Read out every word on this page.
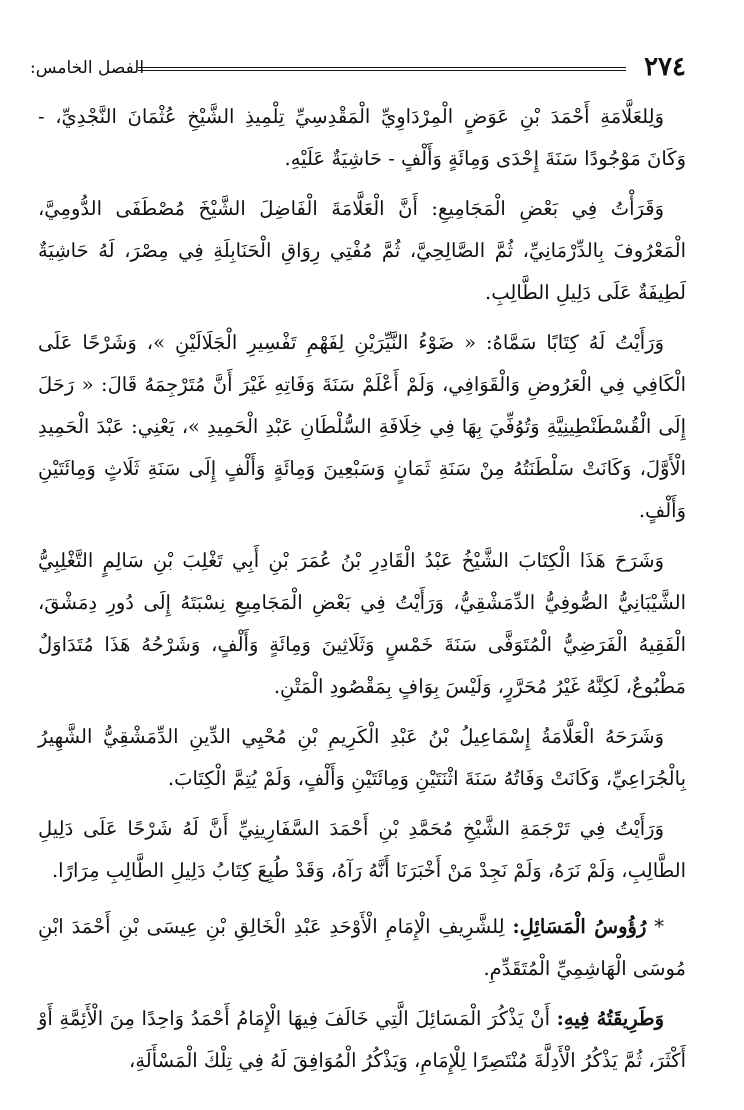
٢٧٤
الفصل الخامس:

وَلِلعَلَّامَةِ أَحْمَدَ بْنِ عَوَضٍ الْمِرْدَاوِيِّ الْمَقْدِسِيِّ تِلْمِيذِ الشَّيْخِ عُثْمَانَ النَّجْدِيِّ، - وَكَانَ مَوْجُودًا سَنَةَ إِحْدَى وَمِائَةٍ وَأَلْفٍ - حَاشِيَةٌ عَلَيْهِ.

وَقَرَأْتُ فِي بَعْضِ الْمَجَامِيعِ: أَنَّ الْعَلَّامَةَ الْفَاضِلَ الشَّيْخَ مُصْطَفَى الدُّومِيَّ، الْمَعْرُوفَ بِالدِّرْمَانِيِّ، ثُمَّ الصَّالِحِيَّ، ثُمَّ مُفْتِي رِوَاقِ الْحَنَابِلَةِ فِي مِصْرَ، لَهُ حَاشِيَةٌ لَطِيفَةٌ عَلَى دَلِيلِ الطَّالِبِ.

وَرَأَيْتُ لَهُ كِتَابًا سَمَّاهُ: « ضَوْءُ النَّيِّرَيْنِ لِفَهْمِ تَفْسِيرِ الْجَلَالَيْنِ »، وَشَرْحًا عَلَى الْكَافِي فِي الْعَرُوضِ وَالْقَوَافِي، وَلَمْ أَعْلَمْ سَنَةَ وَفَاتِهِ غَيْرَ أَنَّ مُتَرْجِمَهُ قَالَ: « رَحَلَ إِلَى الْقُسْطَنْطِينِيَّةِ وَتُوُفِّيَ بِهَا فِي خِلَافَةِ السُّلْطَانِ عَبْدِ الْحَمِيدِ »، يَعْنِي: عَبْدَ الْحَمِيدِ الْأَوَّلَ، وَكَانَتْ سَلْطَنَتُهُ مِنْ سَنَةِ ثَمَانٍ وَسَبْعِينَ وَمِائَةٍ وَأَلْفٍ إِلَى سَنَةِ ثَلَاثٍ وَمِائَتَيْنِ وَأَلْفٍ.

وَشَرَحَ هَذَا الْكِتَابَ الشَّيْخُ عَبْدُ الْقَادِرِ بْنُ عُمَرَ بْنِ أَبِي تَغْلِبَ بْنِ سَالِمٍ التَّغْلِبِيُّ الشَّيْبَانِيُّ الصُّوفِيُّ الدِّمَشْقِيُّ، وَرَأَيْتُ فِي بَعْضِ الْمَجَامِيعِ نِسْبَتَهُ إِلَى دُورِ دِمَشْقَ، الْفَقِيهُ الْفَرَضِيُّ الْمُتَوَفَّى سَنَةَ خَمْسٍ وَثَلَاثِينَ وَمِائَةٍ وَأَلْفٍ، وَشَرْحُهُ هَذَا مُتَدَاوَلٌ مَطْبُوعٌ، لَكِنَّهُ غَيْرُ مُحَرَّرٍ، وَلَيْسَ بِوَافٍ بِمَقْصُودِ الْمَتْنِ.

وَشَرَحَهُ الْعَلَّامَةُ إِسْمَاعِيلُ بْنُ عَبْدِ الْكَرِيمِ بْنِ مُحْيِي الدِّينِ الدِّمَشْقِيُّ الشَّهِيرُ بِالْجُرَاعِيِّ، وَكَانَتْ وَفَاتُهُ سَنَةَ اثْنَتَيْنِ وَمِائَتَيْنِ وَأَلْفٍ، وَلَمْ يُتِمَّ الْكِتَابَ.

وَرَأَيْتُ فِي تَرْجَمَةِ الشَّيْخِ مُحَمَّدِ بْنِ أَحْمَدَ السَّفَارِينِيِّ أَنَّ لَهُ شَرْحًا عَلَى دَلِيلِ الطَّالِبِ، وَلَمْ نَرَهُ، وَلَمْ نَجِدْ مَنْ أَخْبَرَنَا أَنَّهُ رَآهُ، وَقَدْ طُبِعَ كِتَابُ دَلِيلِ الطَّالِبِ مِرَارًا.

* رُؤُوسُ الْمَسَائِلِ: لِلشَّرِيفِ الْإِمَامِ الْأَوْحَدِ عَبْدِ الْخَالِقِ بْنِ عِيسَى بْنِ أَحْمَدَ ابْنِ مُوسَى الْهَاشِمِيِّ الْمُتَقَدِّمِ.

وَطَرِيقَتُهُ فِيهِ: أَنْ يَذْكُرَ الْمَسَائِلَ الَّتِي خَالَفَ فِيهَا الْإِمَامُ أَحْمَدُ وَاحِدًا مِنَ الْأَئِمَّةِ أَوْ أَكْثَرَ، ثُمَّ يَذْكُرُ الْأَدِلَّةَ مُنْتَصِرًا لِلْإِمَامِ، وَيَذْكُرُ الْمُوَافِقَ لَهُ فِي تِلْكَ الْمَسْأَلَةِ،
